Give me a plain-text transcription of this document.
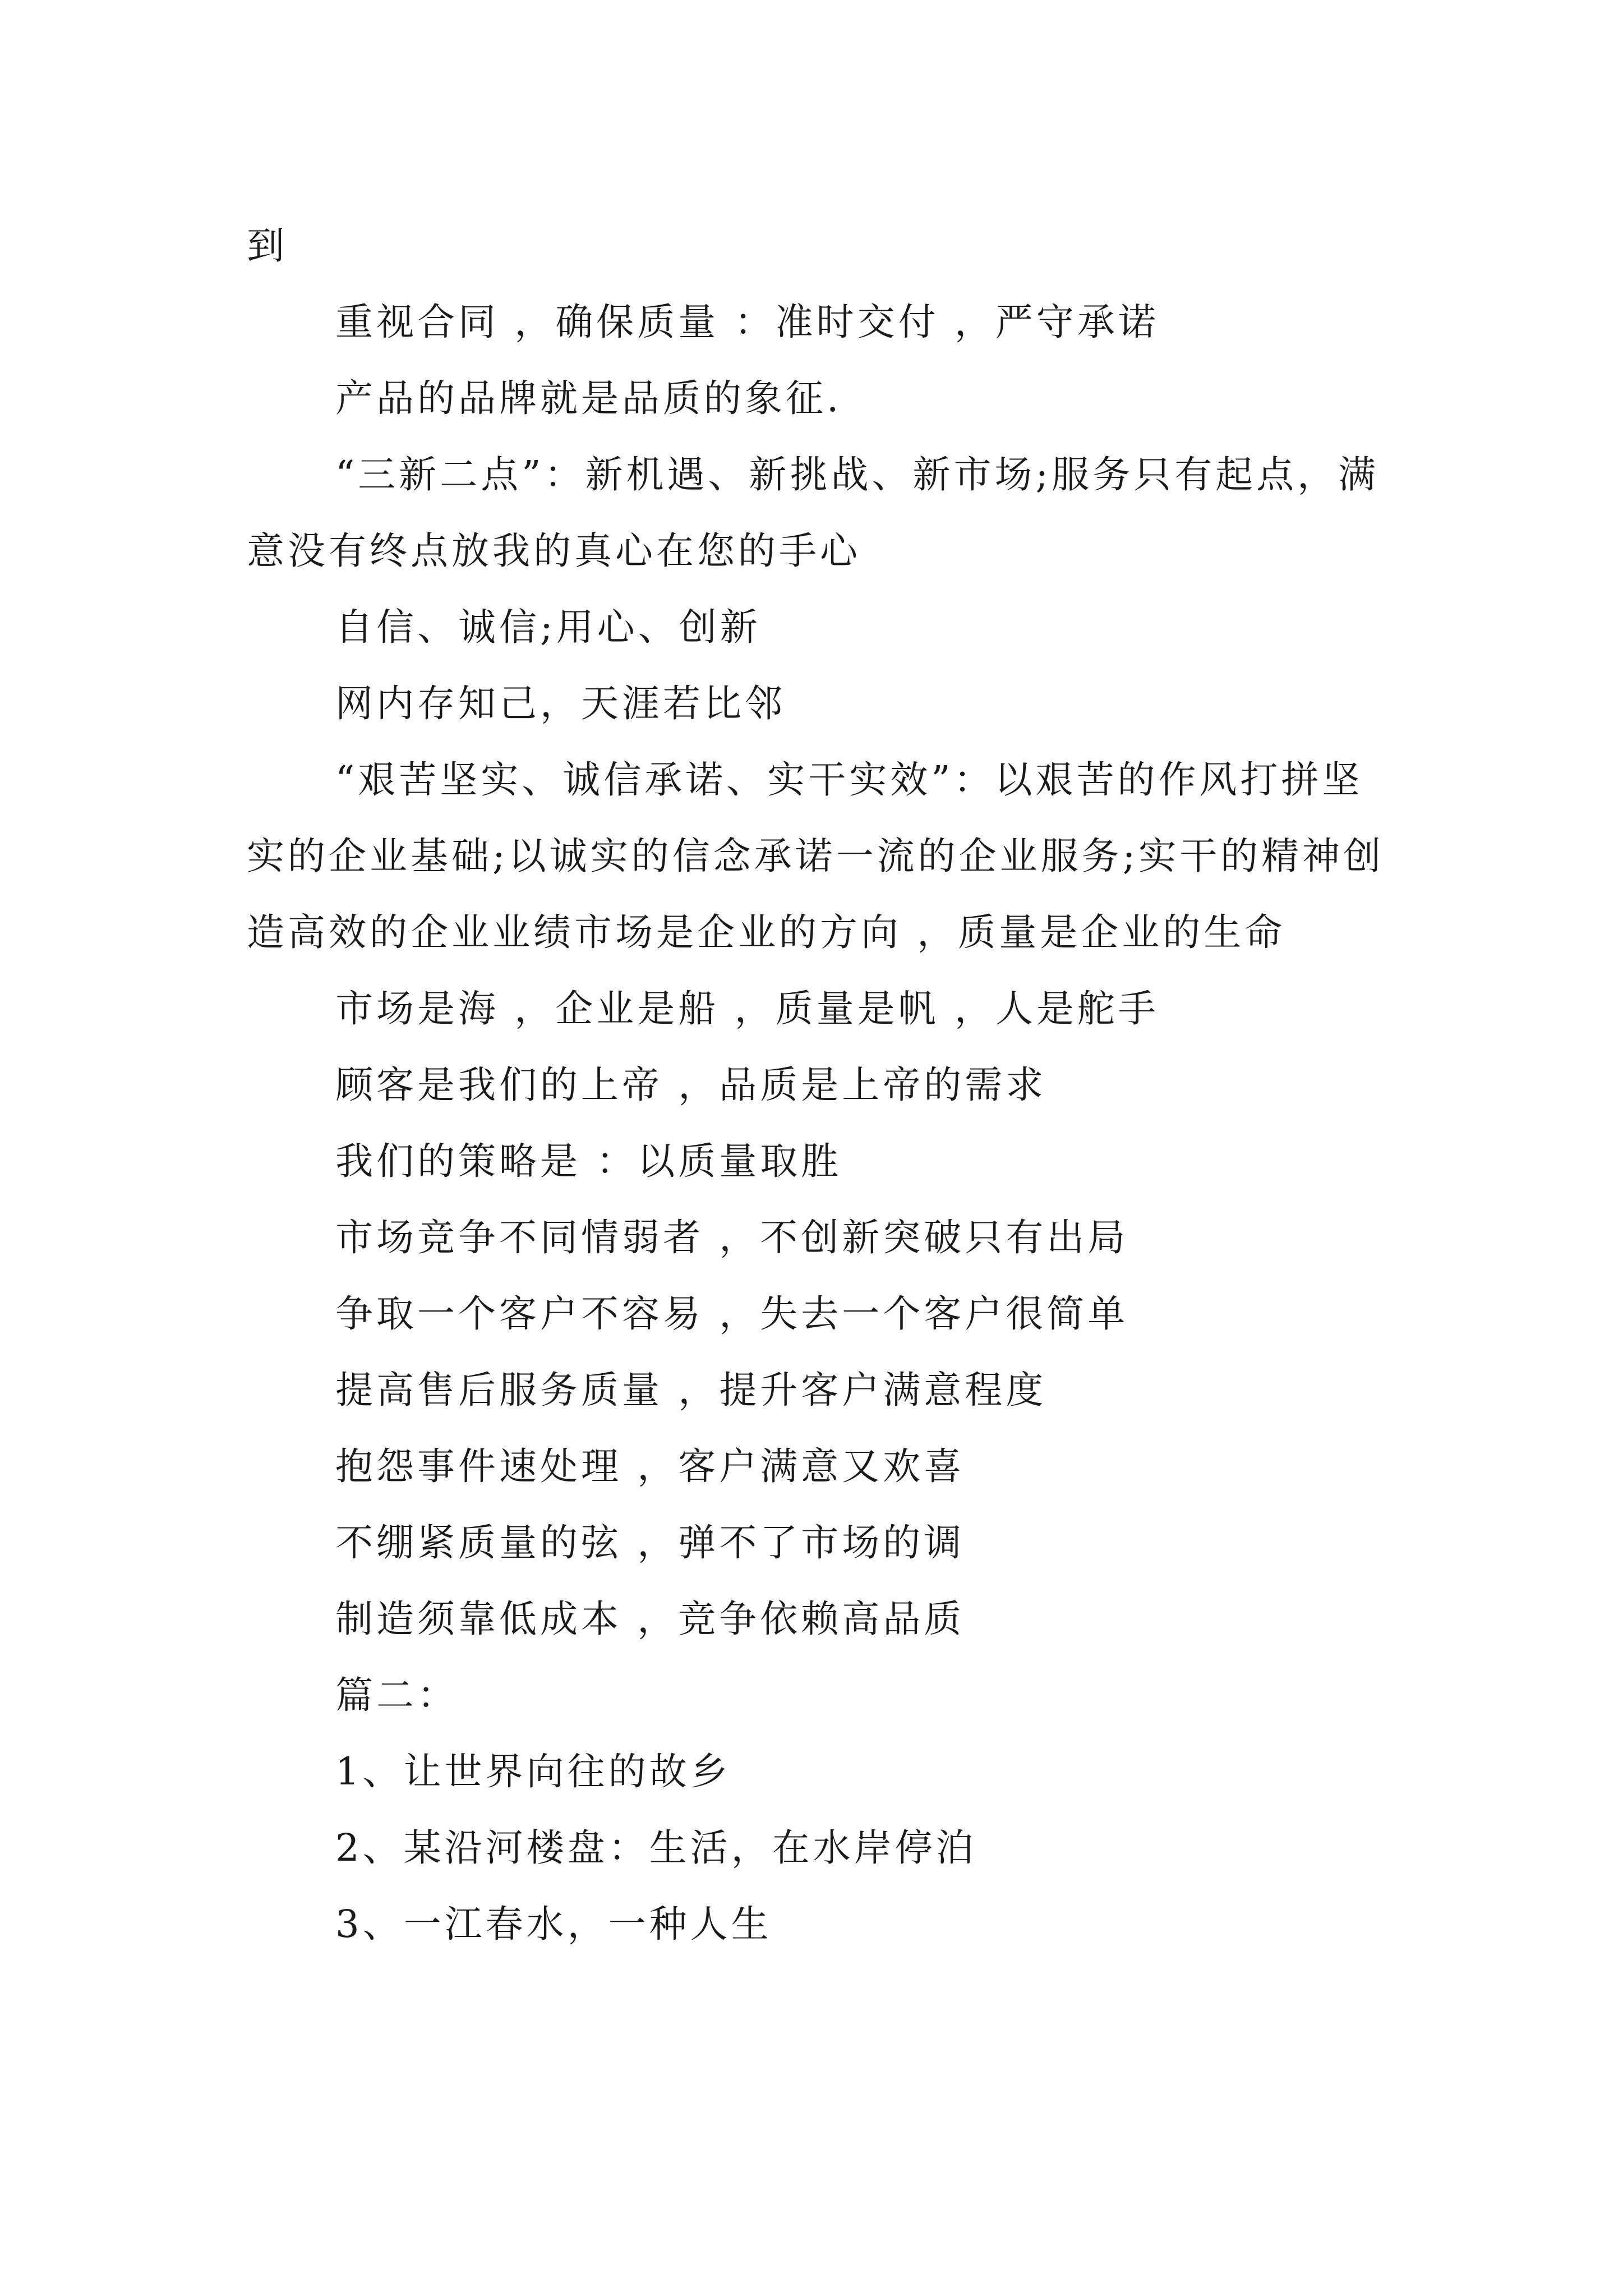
到

重视合同 ，确保质量 ：准时交付 ，严守承诺

产品的品牌就是品质的象征.

“三新二点”：新机遇、新挑战、新市场;服务只有起点，满意没有终点放我的真心在您的手心

自信、诚信;用心、创新

网内存知己，天涯若比邻

“艰苦坚实、诚信承诺、实干实效”：以艰苦的作风打拼坚实的企业基础;以诚实的信念承诺一流的企业服务;实干的精神创造高效的企业业绩市场是企业的方向 ，质量是企业的生命

市场是海 ，企业是船 ，质量是帆 ，人是舵手

顾客是我们的上帝 ，品质是上帝的需求

我们的策略是 ：以质量取胜

市场竞争不同情弱者 ，不创新突破只有出局

争取一个客户不容易 ，失去一个客户很简单

提高售后服务质量 ，提升客户满意程度

抱怨事件速处理 ，客户满意又欢喜

不绷紧质量的弦 ，弹不了市场的调

制造须靠低成本 ，竞争依赖高品质

篇二：

1、让世界向往的故乡

2、某沿河楼盘：生活，在水岸停泊

3、一江春水，一种人生
